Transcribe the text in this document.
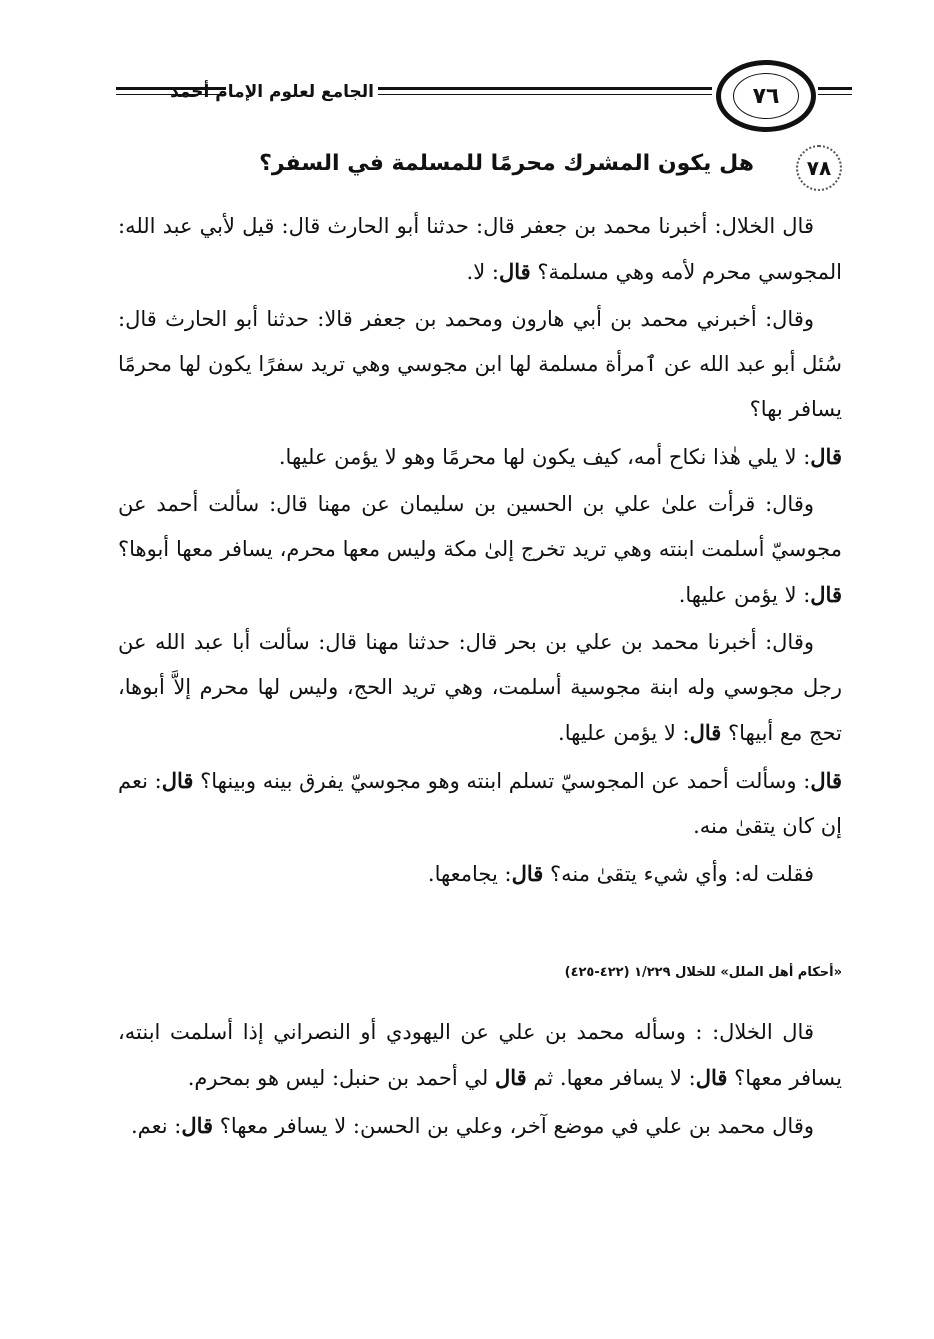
الجامع لعلوم الإمام أحمد	٧٦
٧٨
هل يكون المشرك محرمًا للمسلمة في السفر؟

قال الخلال: أخبرنا محمد بن جعفر قال: حدثنا أبو الحارث قال: قيل لأبي عبد الله: المجوسي محرم لأمه وهي مسلمة؟ قال: لا.

وقال: أخبرني محمد بن أبي هارون ومحمد بن جعفر قالا: حدثنا أبو الحارث قال: سُئل أبو عبد الله عن ٱمرأة مسلمة لها ابن مجوسي وهي تريد سفرًا يكون لها محرمًا يسافر بها؟

قال: لا يلي هٰذا نكاح أمه، كيف يكون لها محرمًا وهو لا يؤمن عليها.

وقال: قرأت علىٰ علي بن الحسين بن سليمان عن مهنا قال: سألت أحمد عن مجوسيّ أسلمت ابنته وهي تريد تخرج إلىٰ مكة وليس معها محرم، يسافر معها أبوها؟ قال: لا يؤمن عليها.

وقال: أخبرنا محمد بن علي بن بحر قال: حدثنا مهنا قال: سألت أبا عبد الله عن رجل مجوسي وله ابنة مجوسية أسلمت، وهي تريد الحج، وليس لها محرم إلاَّ أبوها، تحج مع أبيها؟ قال: لا يؤمن عليها.

قال: وسألت أحمد عن المجوسيّ تسلم ابنته وهو مجوسيّ يفرق بينه وبينها؟ قال: نعم إن كان يتقىٰ منه.

فقلت له: وأي شيء يتقىٰ منه؟ قال: يجامعها.

«أحكام أهل الملل» للخلال ١/٢٢٩ (٤٢٢-٤٢٥)

قال الخلال: : وسأله محمد بن علي عن اليهودي أو النصراني إذا أسلمت ابنته، يسافر معها؟ قال: لا يسافر معها. ثم قال لي أحمد بن حنبل: ليس هو بمحرم.

وقال محمد بن علي في موضع آخر، وعلي بن الحسن: لا يسافر معها؟ قال: نعم.
